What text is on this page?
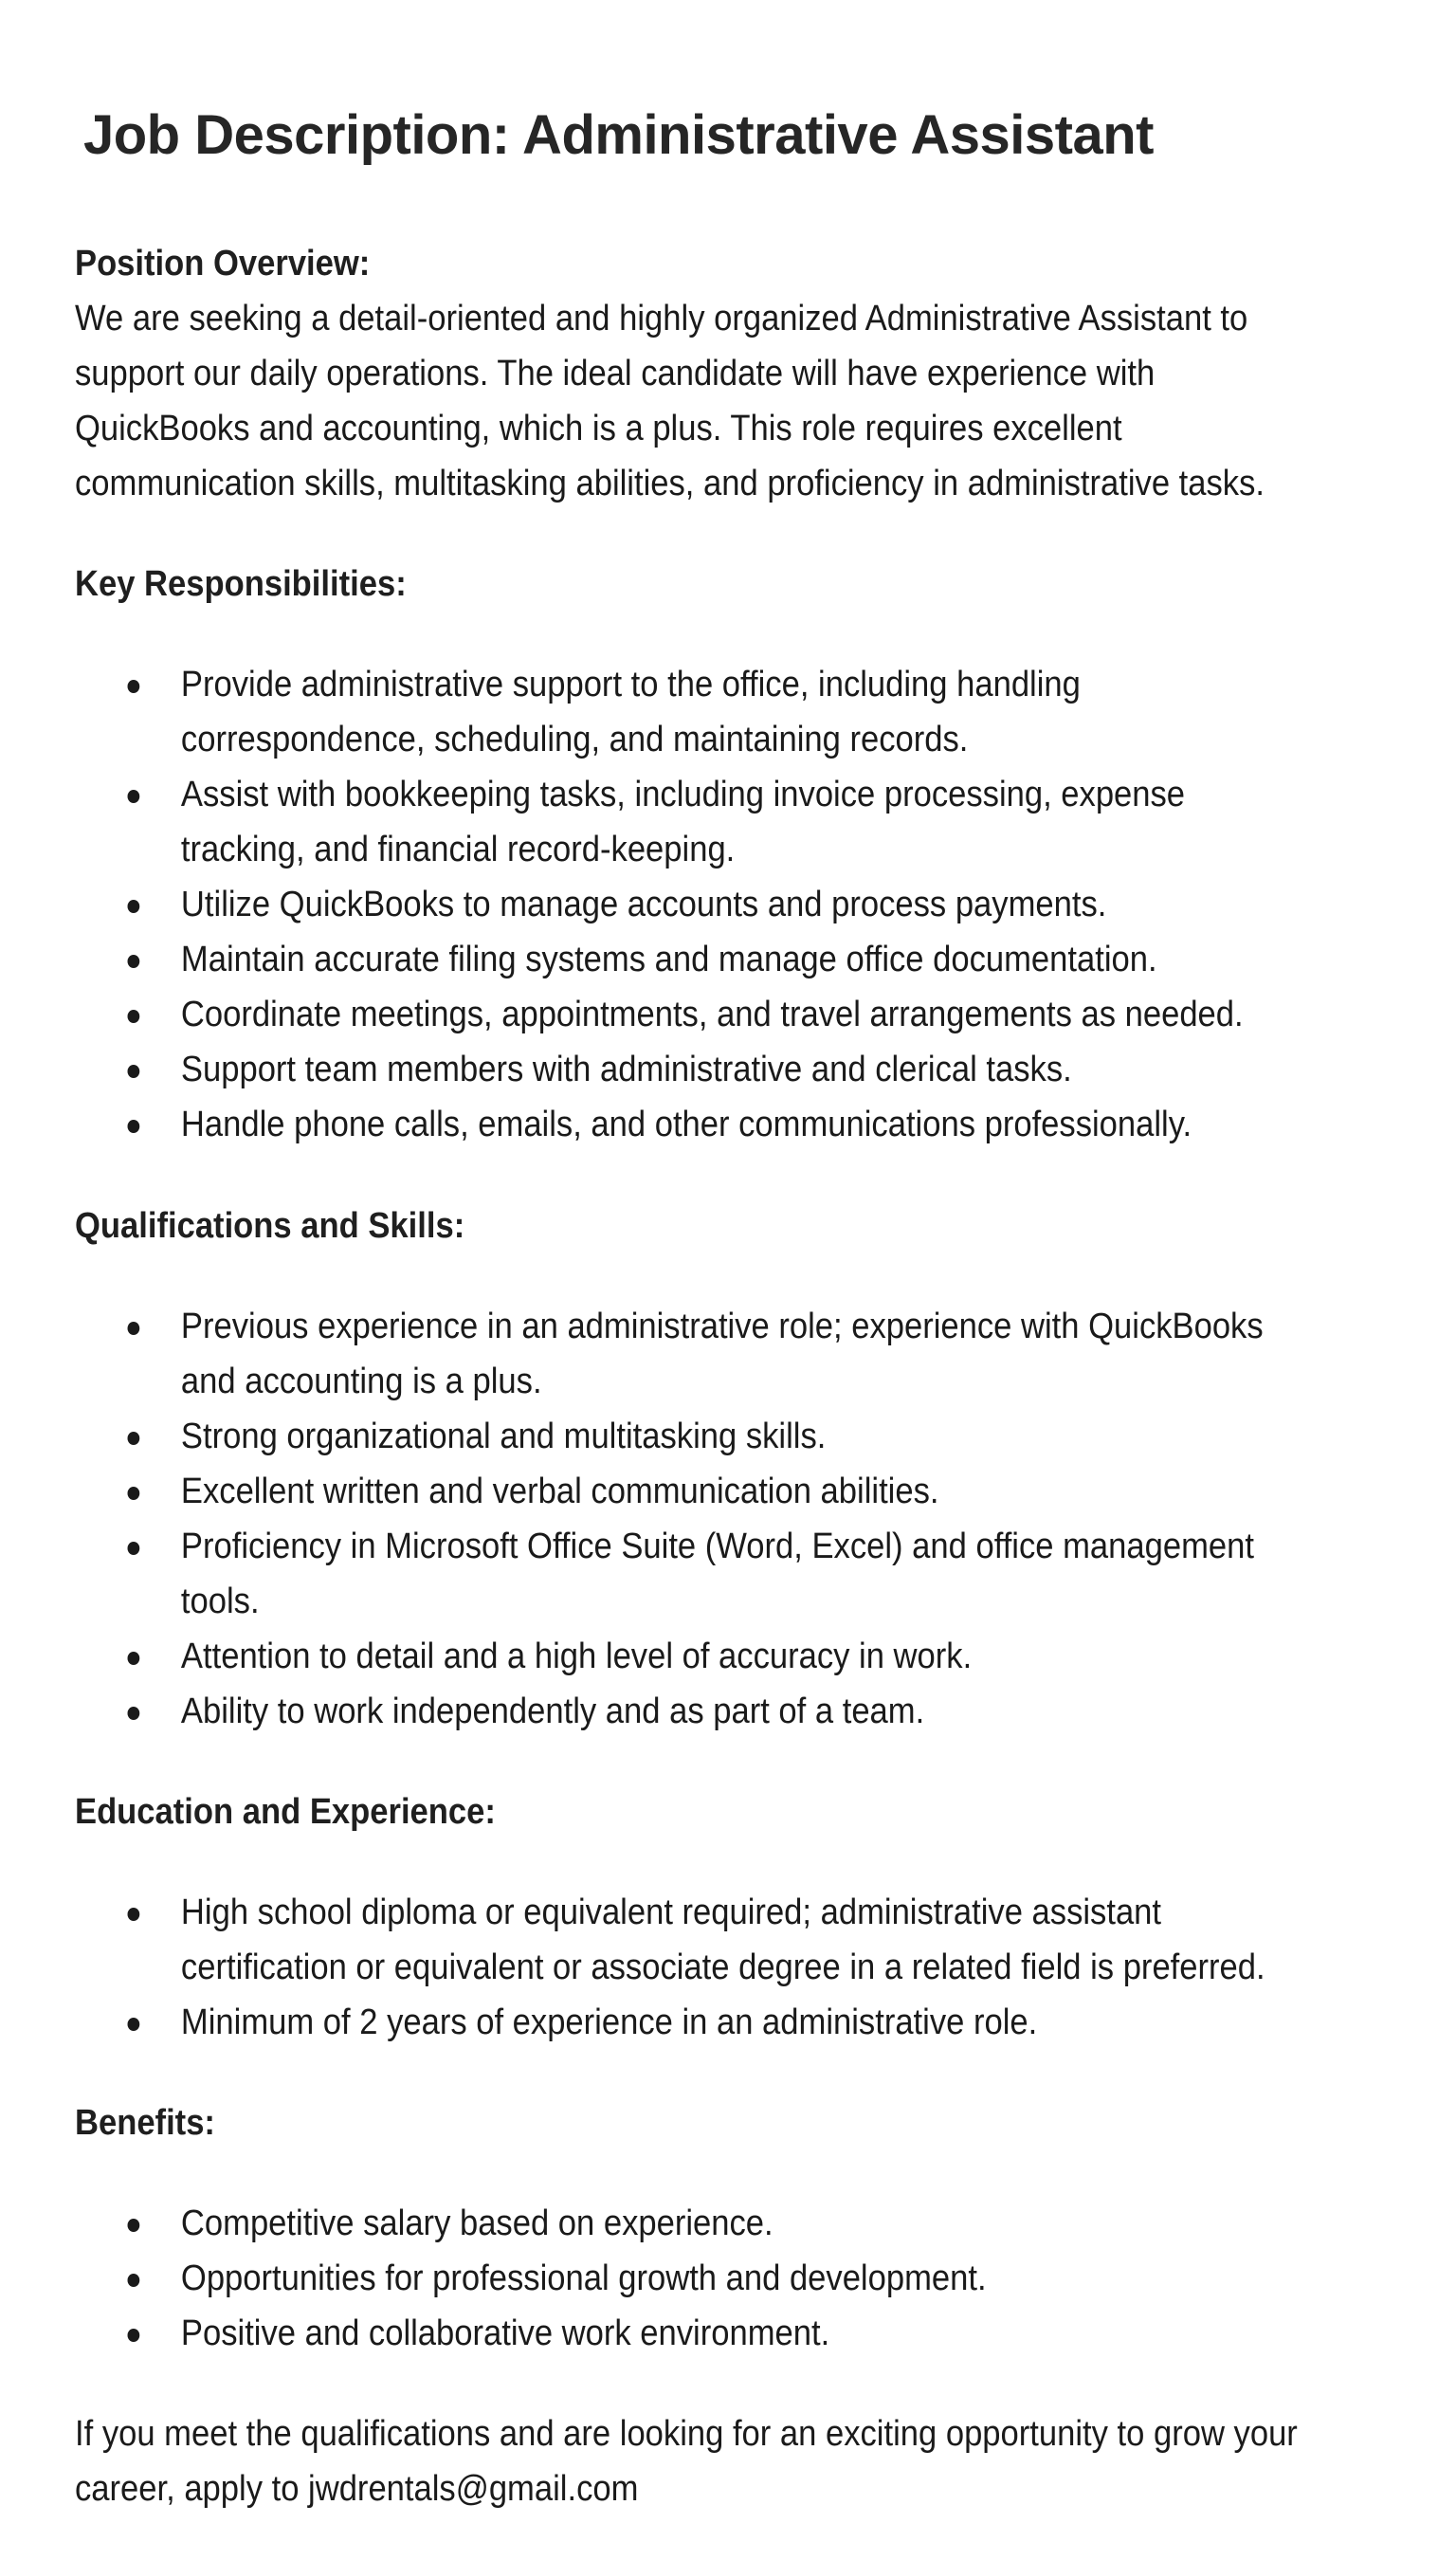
Job Description: Administrative Assistant

Position Overview:

We are seeking a detail-oriented and highly organized Administrative Assistant to support our daily operations. The ideal candidate will have experience with QuickBooks and accounting, which is a plus. This role requires excellent communication skills, multitasking abilities, and proficiency in administrative tasks.

Key Responsibilities:

Provide administrative support to the office, including handling correspondence, scheduling, and maintaining records.
Assist with bookkeeping tasks, including invoice processing, expense tracking, and financial record-keeping.
Utilize QuickBooks to manage accounts and process payments.
Maintain accurate filing systems and manage office documentation.
Coordinate meetings, appointments, and travel arrangements as needed.
Support team members with administrative and clerical tasks.
Handle phone calls, emails, and other communications professionally.

Qualifications and Skills:

Previous experience in an administrative role; experience with QuickBooks and accounting is a plus.
Strong organizational and multitasking skills.
Excellent written and verbal communication abilities.
Proficiency in Microsoft Office Suite (Word, Excel) and office management tools.
Attention to detail and a high level of accuracy in work.
Ability to work independently and as part of a team.

Education and Experience:

High school diploma or equivalent required; administrative assistant certification or equivalent or associate degree in a related field is preferred.
Minimum of 2 years of experience in an administrative role.

Benefits:

Competitive salary based on experience.
Opportunities for professional growth and development.
Positive and collaborative work environment.

If you meet the qualifications and are looking for an exciting opportunity to grow your career, apply to jwdrentals@gmail.com
